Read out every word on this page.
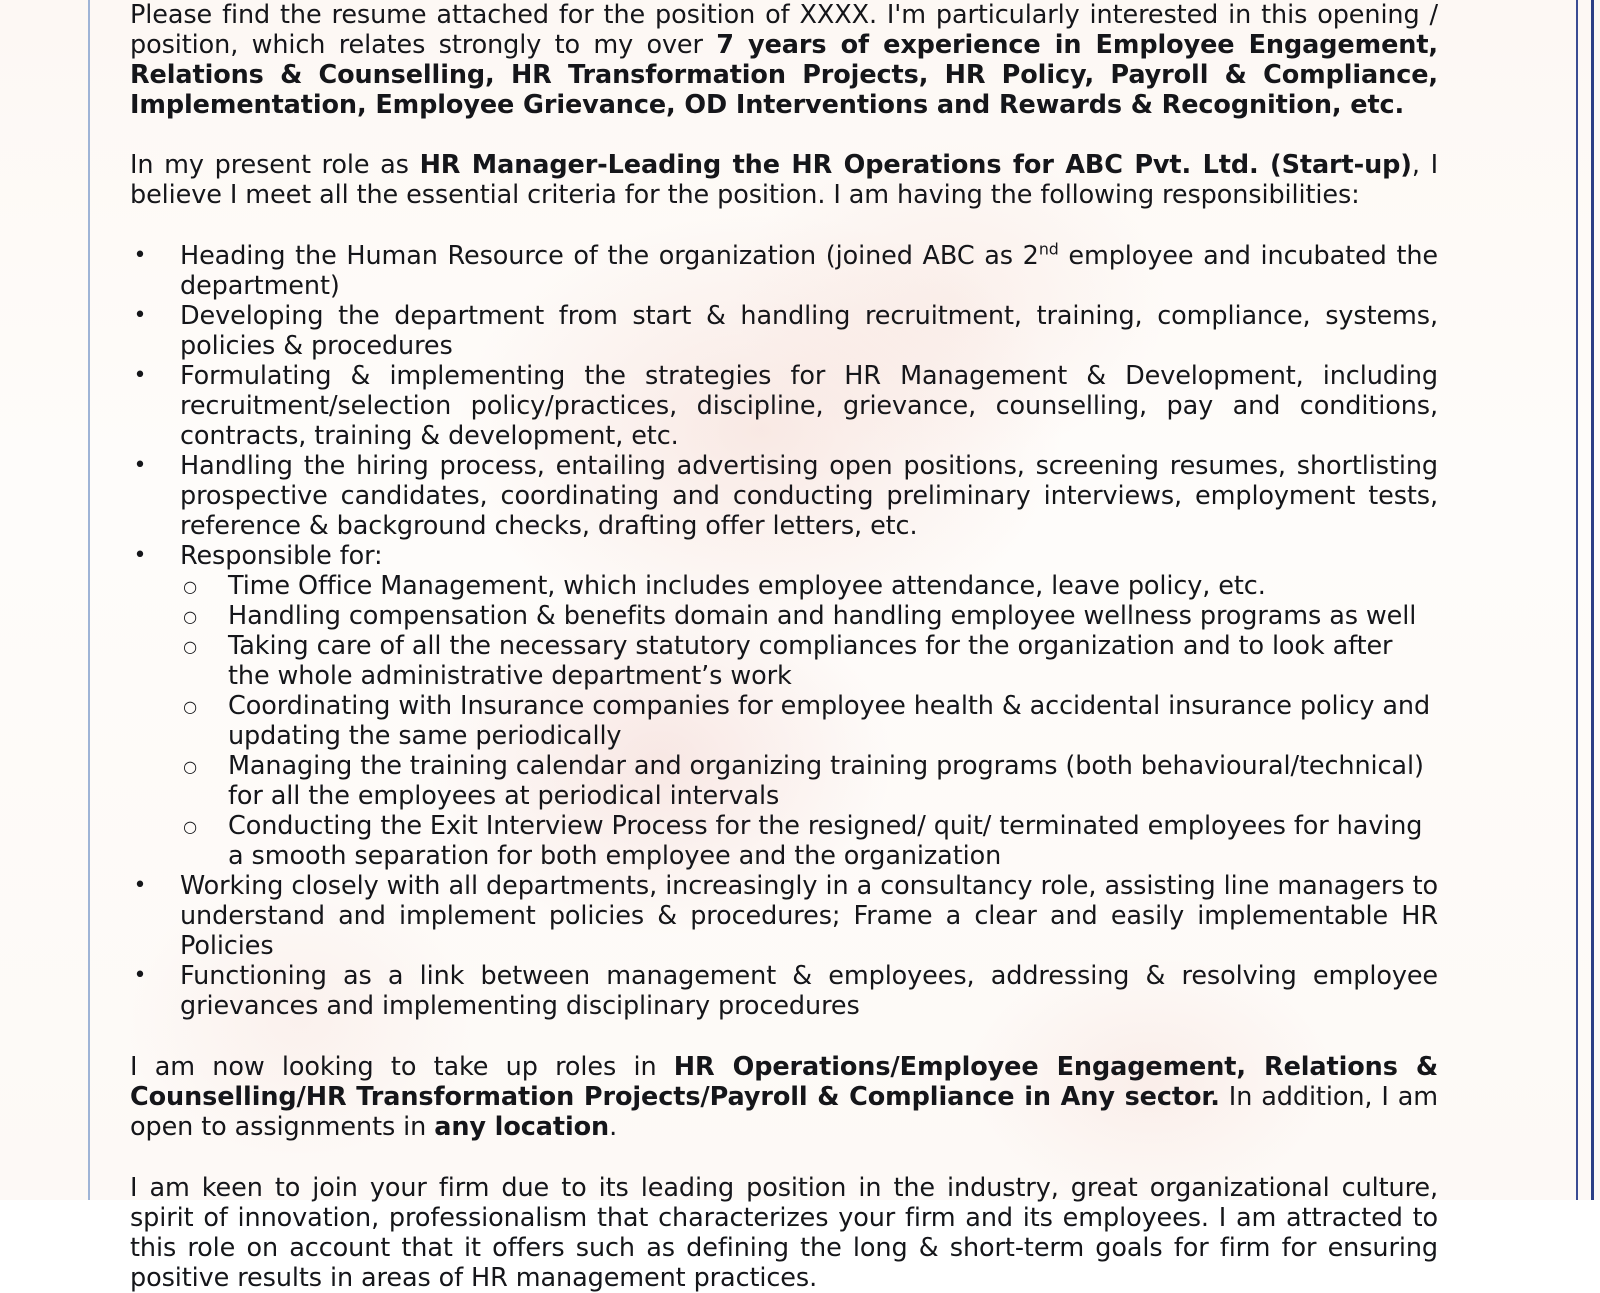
Please find the resume attached for the position of XXXX. I'm particularly interested in this opening / position, which relates strongly to my over 7 years of experience in Employee Engagement, Relations & Counselling, HR Transformation Projects, HR Policy, Payroll & Compliance, Implementation, Employee Grievance, OD Interventions and Rewards & Recognition, etc.

In my present role as HR Manager-Leading the HR Operations for ABC Pvt. Ltd. (Start-up), I believe I meet all the essential criteria for the position. I am having the following responsibilities:

• Heading the Human Resource of the organization (joined ABC as 2nd employee and incubated the department)
• Developing the department from start & handling recruitment, training, compliance, systems, policies & procedures
• Formulating & implementing the strategies for HR Management & Development, including recruitment/selection policy/practices, discipline, grievance, counselling, pay and conditions, contracts, training & development, etc.
• Handling the hiring process, entailing advertising open positions, screening resumes, shortlisting prospective candidates, coordinating and conducting preliminary interviews, employment tests, reference & background checks, drafting offer letters, etc.
• Responsible for:
○ Time Office Management, which includes employee attendance, leave policy, etc.
○ Handling compensation & benefits domain and handling employee wellness programs as well
○ Taking care of all the necessary statutory compliances for the organization and to look after the whole administrative department’s work
○ Coordinating with Insurance companies for employee health & accidental insurance policy and updating the same periodically
○ Managing the training calendar and organizing training programs (both behavioural/technical) for all the employees at periodical intervals
○ Conducting the Exit Interview Process for the resigned/ quit/ terminated employees for having a smooth separation for both employee and the organization
• Working closely with all departments, increasingly in a consultancy role, assisting line managers to understand and implement policies & procedures; Frame a clear and easily implementable HR Policies
• Functioning as a link between management & employees, addressing & resolving employee grievances and implementing disciplinary procedures

I am now looking to take up roles in HR Operations/Employee Engagement, Relations & Counselling/HR Transformation Projects/Payroll & Compliance in Any sector. In addition, I am open to assignments in any location.

I am keen to join your firm due to its leading position in the industry, great organizational culture, spirit of innovation, professionalism that characterizes your firm and its employees. I am attracted to this role on account that it offers such as defining the long & short-term goals for firm for ensuring positive results in areas of HR management practices.
